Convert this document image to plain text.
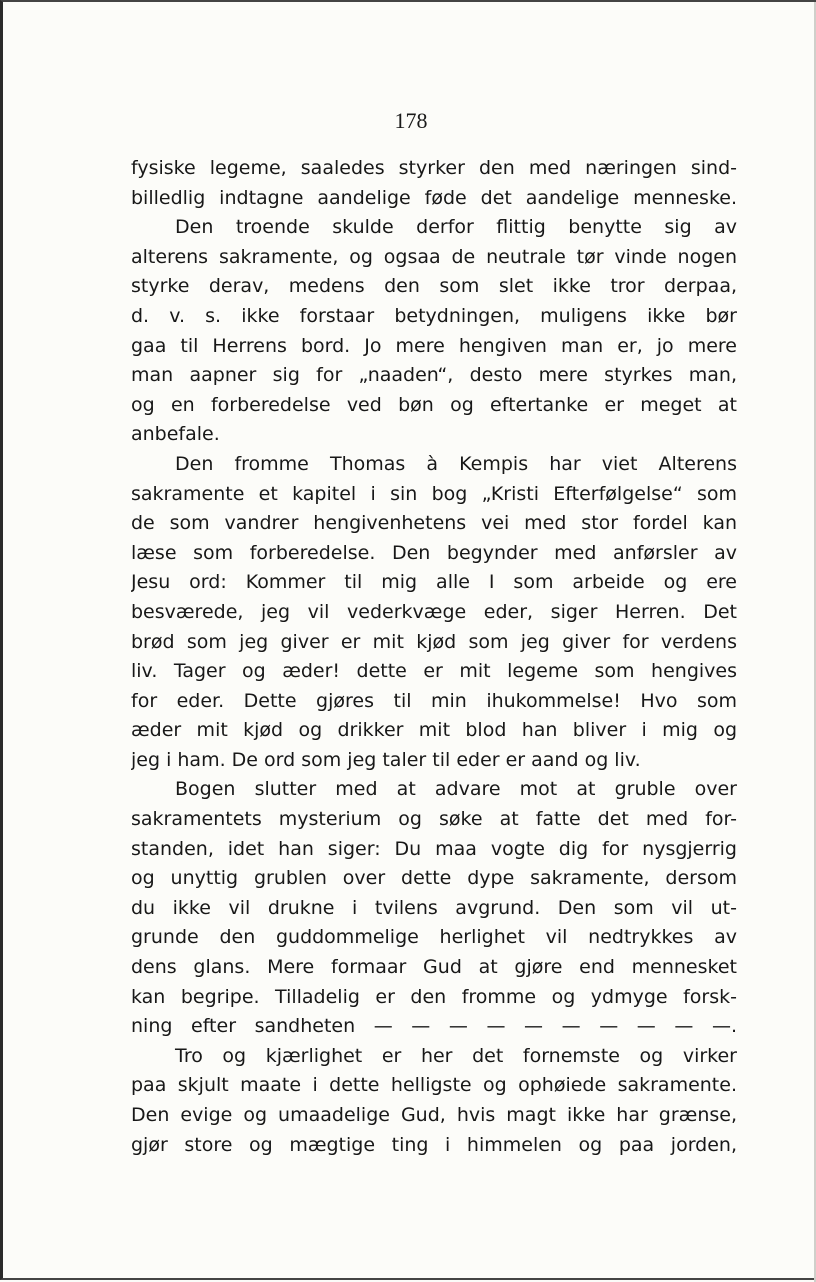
178
fysiske legeme, saaledes styrker den med næringen sind-
billedlig indtagne aandelige føde det aandelige menneske.
Den troende skulde derfor flittig benytte sig av
alterens sakramente, og ogsaa de neutrale tør vinde nogen
styrke derav, medens den som slet ikke tror derpaa,
d. v. s. ikke forstaar betydningen, muligens ikke bør
gaa til Herrens bord. Jo mere hengiven man er, jo mere
man aapner sig for „naaden“, desto mere styrkes man,
og en forberedelse ved bøn og eftertanke er meget at
anbefale.
Den fromme Thomas à Kempis har viet Alterens
sakramente et kapitel i sin bog „Kristi Efterfølgelse“ som
de som vandrer hengivenhetens vei med stor fordel kan
læse som forberedelse. Den begynder med anførsler av
Jesu ord: Kommer til mig alle I som arbeide og ere
besværede, jeg vil vederkvæge eder, siger Herren. Det
brød som jeg giver er mit kjød som jeg giver for verdens
liv. Tager og æder! dette er mit legeme som hengives
for eder. Dette gjøres til min ihukommelse! Hvo som
æder mit kjød og drikker mit blod han bliver i mig og
jeg i ham. De ord som jeg taler til eder er aand og liv.
Bogen slutter med at advare mot at gruble over
sakramentets mysterium og søke at fatte det med for-
standen, idet han siger: Du maa vogte dig for nysgjerrig
og unyttig grublen over dette dype sakramente, dersom
du ikke vil drukne i tvilens avgrund. Den som vil ut-
grunde den guddommelige herlighet vil nedtrykkes av
dens glans. Mere formaar Gud at gjøre end mennesket
kan begripe. Tilladelig er den fromme og ydmyge forsk-
ning efter sandheten — — — — — — — — — —.
Tro og kjærlighet er her det fornemste og virker
paa skjult maate i dette helligste og ophøiede sakramente.
Den evige og umaadelige Gud, hvis magt ikke har grænse,
gjør store og mægtige ting i himmelen og paa jorden,
